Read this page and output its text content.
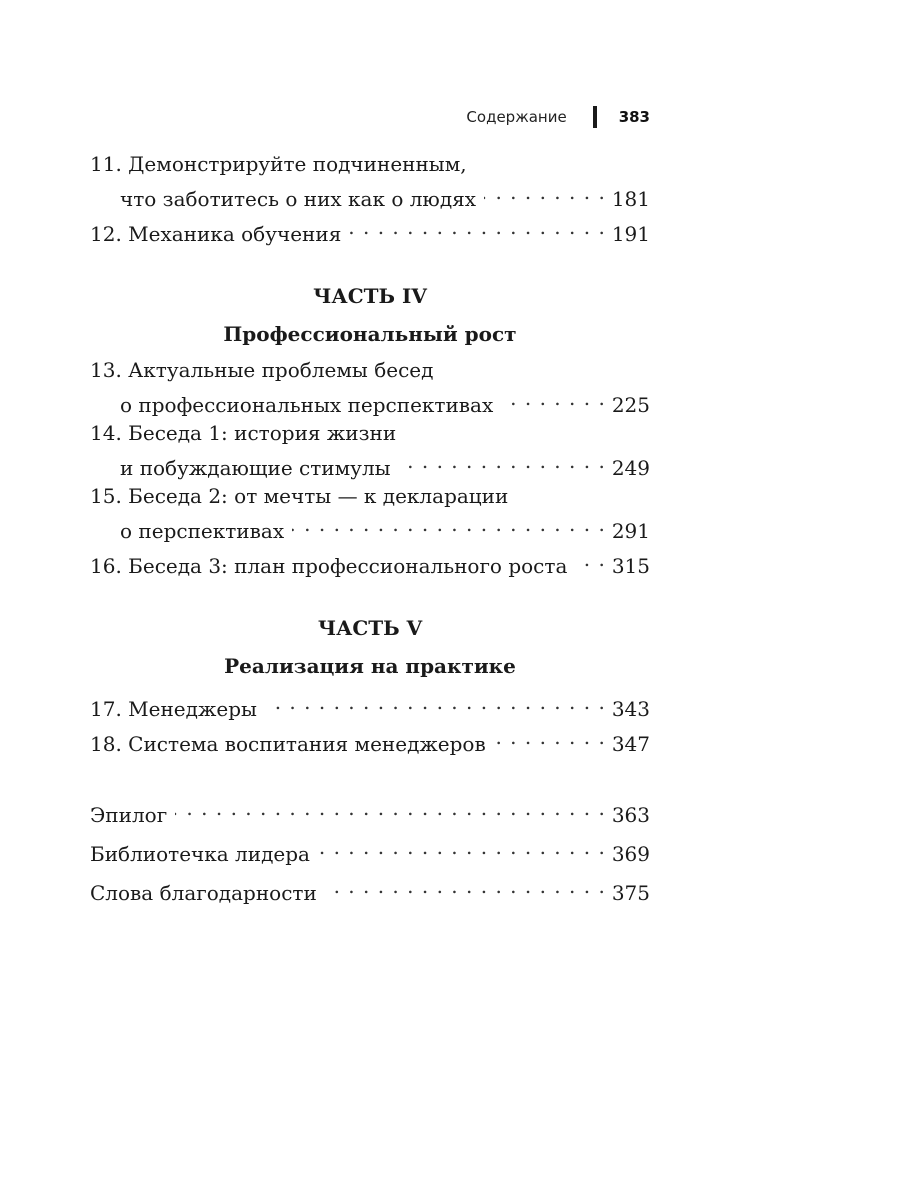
Содержание	383
11. Демонстрируйте подчиненным,
что заботитесь о них как о людях . . .	181
12. Механика обучения . . .	191
ЧАСТЬ IV
Профессиональный рост
13. Актуальные проблемы бесед
о профессиональных перспективах . . .	225
14. Беседа 1: история жизни
и побуждающие стимулы . . .	249
15. Беседа 2: от мечты — к декларации
о перспективах . . .	291
16. Беседа 3: план профессионального роста . . . 315
ЧАСТЬ V
Реализация на практике
17. Менеджеры . . .	343
18. Система воспитания менеджеров . . .	347
Эпилог . . .	363
Библиотечка лидера . . .	369
Слова благодарности . . .	375
